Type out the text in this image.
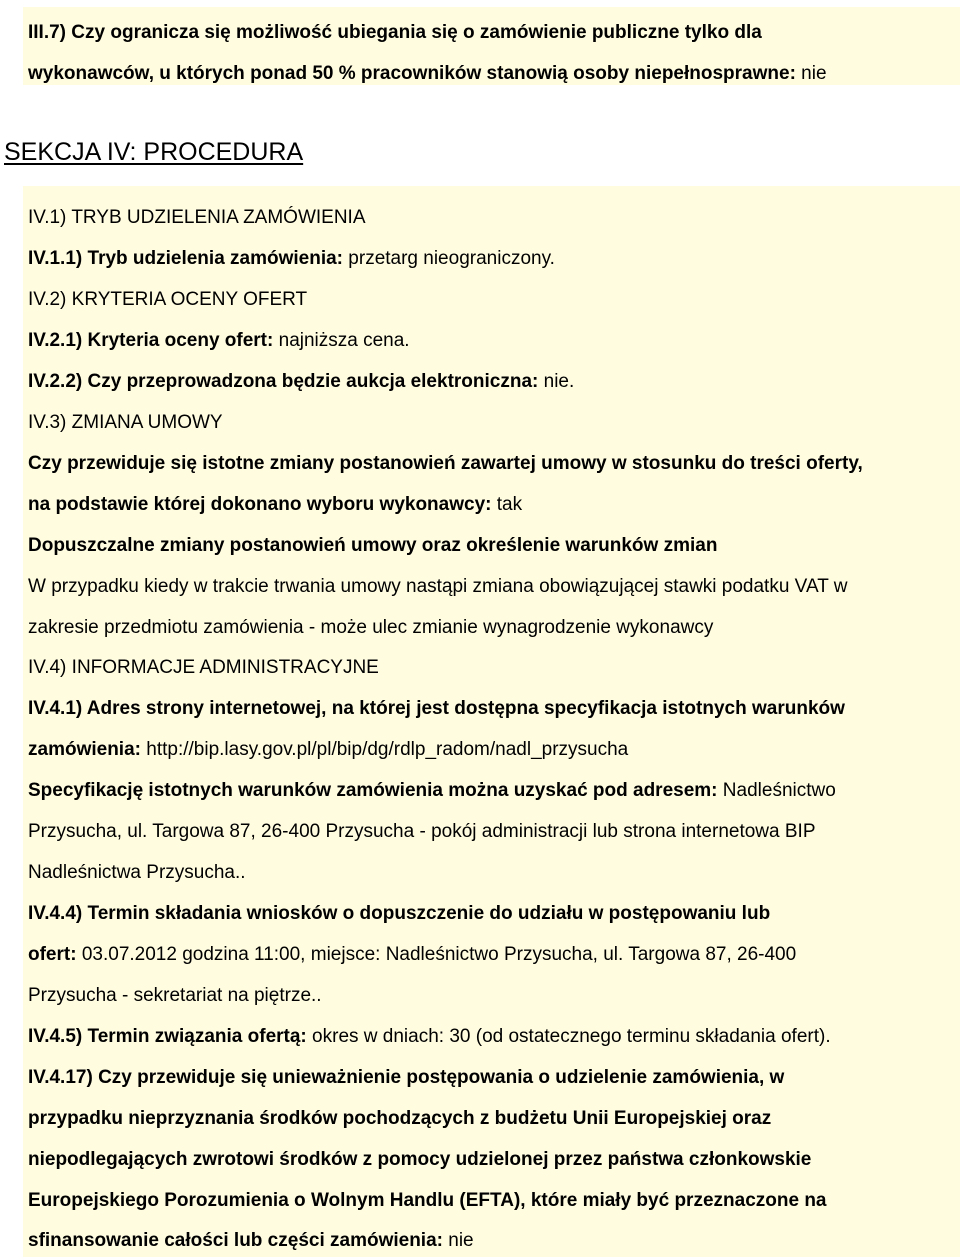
III.7) Czy ogranicza się możliwość ubiegania się o zamówienie publiczne tylko dla
wykonawców, u których ponad 50 % pracowników stanowią osoby niepełnosprawne: nie
SEKCJA IV: PROCEDURA
IV.1) TRYB UDZIELENIA ZAMÓWIENIA
IV.1.1) Tryb udzielenia zamówienia: przetarg nieograniczony.
IV.2) KRYTERIA OCENY OFERT
IV.2.1) Kryteria oceny ofert: najniższa cena.
IV.2.2) Czy przeprowadzona będzie aukcja elektroniczna: nie.
IV.3) ZMIANA UMOWY
Czy przewiduje się istotne zmiany postanowień zawartej umowy w stosunku do treści oferty,
na podstawie której dokonano wyboru wykonawcy: tak
Dopuszczalne zmiany postanowień umowy oraz określenie warunków zmian
W przypadku kiedy w trakcie trwania umowy nastąpi zmiana obowiązującej stawki podatku VAT w
zakresie przedmiotu zamówienia - może ulec zmianie wynagrodzenie wykonawcy
IV.4) INFORMACJE ADMINISTRACYJNE
IV.4.1) Adres strony internetowej, na której jest dostępna specyfikacja istotnych warunków
zamówienia: http://bip.lasy.gov.pl/pl/bip/dg/rdlp_radom/nadl_przysucha
Specyfikację istotnych warunków zamówienia można uzyskać pod adresem: Nadleśnictwo
Przysucha, ul. Targowa 87, 26-400 Przysucha - pokój administracji lub strona internetowa BIP
Nadleśnictwa Przysucha..
IV.4.4) Termin składania wniosków o dopuszczenie do udziału w postępowaniu lub
ofert: 03.07.2012 godzina 11:00, miejsce: Nadleśnictwo Przysucha, ul. Targowa 87, 26-400
Przysucha - sekretariat na piętrze..
IV.4.5) Termin związania ofertą: okres w dniach: 30 (od ostatecznego terminu składania ofert).
IV.4.17) Czy przewiduje się unieważnienie postępowania o udzielenie zamówienia, w
przypadku nieprzyznania środków pochodzących z budżetu Unii Europejskiej oraz
niepodlegających zwrotowi środków z pomocy udzielonej przez państwa członkowskie
Europejskiego Porozumienia o Wolnym Handlu (EFTA), które miały być przeznaczone na
sfinansowanie całości lub części zamówienia: nie
